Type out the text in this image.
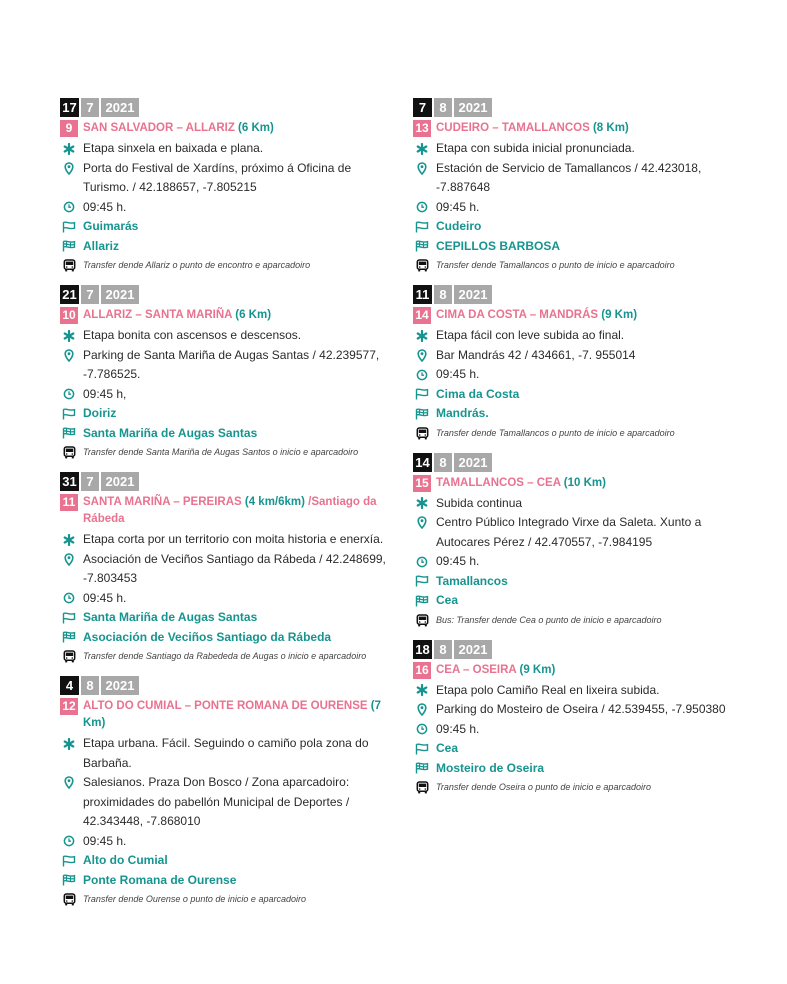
17 7 2021
9 SAN SALVADOR – ALLARIZ (6 Km)
Etapa sinxela en baixada e plana.
Porta do Festival de Xardíns, próximo á Oficina de Turismo. / 42.188657, -7.805215
09:45 h.
Guimarás
Allariz
Transfer dende Allariz o punto de encontro e aparcadoiro
21 7 2021
10 ALLARIZ – SANTA MARIÑA (6 Km)
Etapa bonita con ascensos e descensos.
Parking de Santa Mariña de Augas Santas / 42.239577, -7.786525.
09:45 h,
Doiriz
Santa Mariña de Augas Santas
Transfer dende Santa Mariña de Augas Santos o inicio e aparcadoiro
31 7 2021
11 SANTA MARIÑA – PEREIRAS (4 km/6km) /Santiago da Rábeda
Etapa corta por un territorio con moita historia e enerxía.
Asociación de Veciños Santiago da Rábeda / 42.248699, -7.803453
09:45 h.
Santa Mariña de Augas Santas
Asociación de Veciños Santiago da Rábeda
Transfer dende Santiago da Rabededa de Augas o inicio e aparcadoiro
4	8 2021
12 ALTO DO CUMIAL – PONTE ROMANA DE OURENSE (7 Km)
Etapa urbana. Fácil. Seguindo o camiño pola zona do Barbaña.
Salesianos. Praza Don Bosco / Zona aparcadoiro: proximidades do pabellón Municipal de Deportes / 42.343448, -7.868010
09:45 h.
Alto do Cumial
Ponte Romana de Ourense
Transfer dende Ourense o punto de inicio e aparcadoiro
7	8 2021
13 CUDEIRO – TAMALLANCOS (8 Km)
Etapa con subida inicial pronunciada.
Estación de Servicio de Tamallancos / 42.423018, -7.887648
09:45 h.
Cudeiro
CEPILLOS BARBOSA
Transfer dende Tamallancos o punto de inicio e aparcadoiro
11 8 2021
14 CIMA DA COSTA – MANDRÁS (9 Km)
Etapa fácil con leve subida ao final.
Bar Mandrás 42 / 434661, -7. 955014
09:45 h.
Cima da Costa
Mandrás.
Transfer dende Tamallancos o punto de inicio e aparcadoiro
14 8 2021
15 TAMALLANCOS – CEA (10 Km)
Subida continua
Centro Público Integrado Virxe da Saleta. Xunto a Autocares Pérez / 42.470557, -7.984195
09:45 h.
Tamallancos
Cea
Bus: Transfer dende Cea o punto de inicio e aparcadoiro
18 8 2021
16 CEA – OSEIRA (9 Km)
Etapa polo Camiño Real en lixeira subida.
Parking do Mosteiro de Oseira / 42.539455, -7.950380
09:45 h.
Cea
Mosteiro de Oseira
Transfer dende Oseira o punto de inicio e aparcadoiro
